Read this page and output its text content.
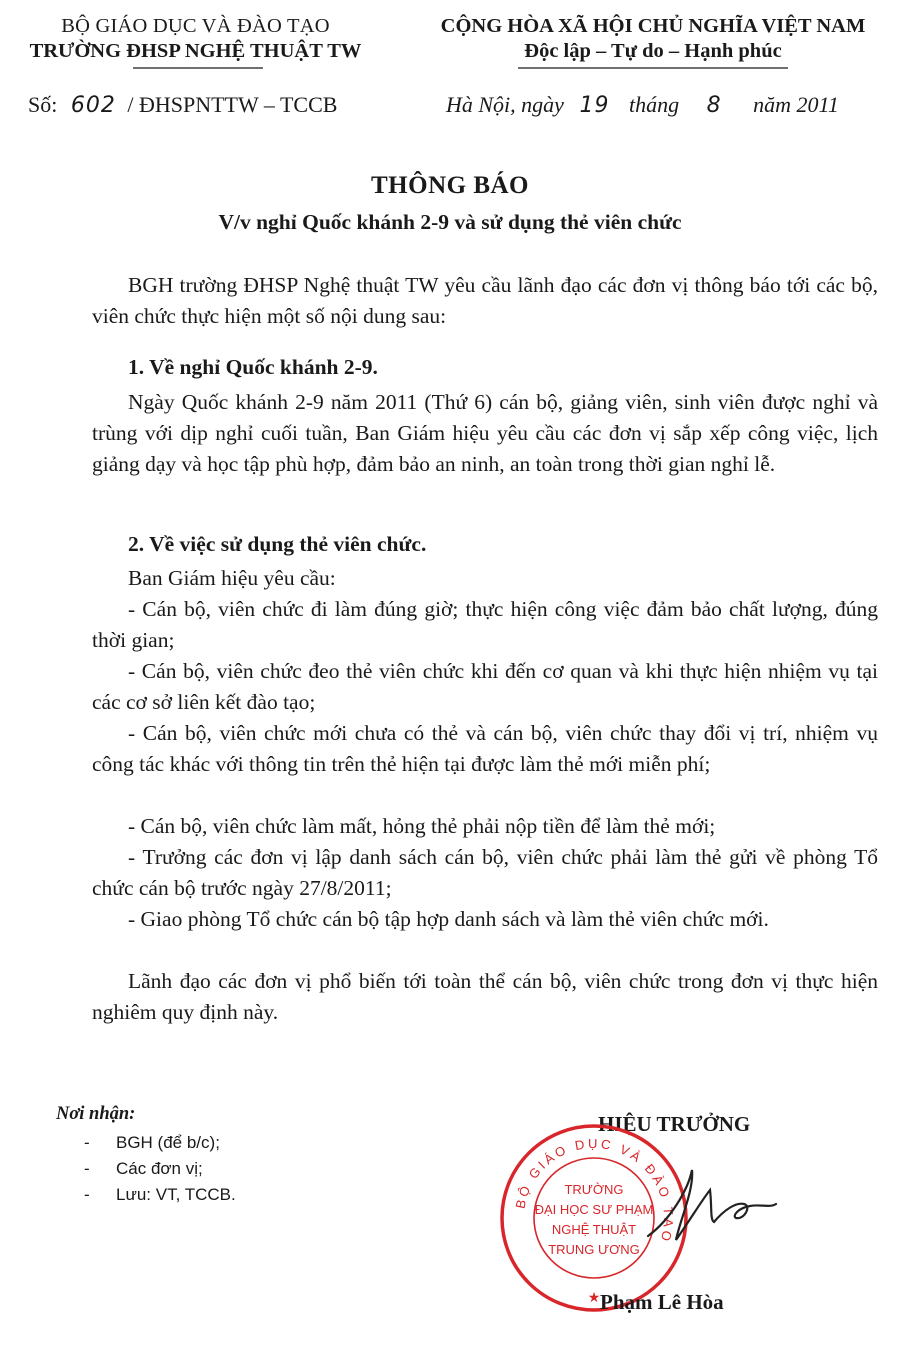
BỘ GIÁO DỤC VÀ ĐÀO TẠO
TRƯỜNG ĐHSP NGHỆ THUẬT TW
CỘNG HÒA XÃ HỘI CHỦ NGHĨA VIỆT NAM
Độc lập – Tự do – Hạnh phúc
Số: 602 / ĐHSPNTTW – TCCB	Hà Nội, ngày 19 tháng 8 năm 2011
THÔNG BÁO
V/v nghỉ Quốc khánh 2-9 và sử dụng thẻ viên chức
BGH trường ĐHSP Nghệ thuật TW yêu cầu lãnh đạo các đơn vị thông báo tới các bộ, viên chức thực hiện một số nội dung sau:
1. Về nghỉ Quốc khánh 2-9.
Ngày Quốc khánh 2-9 năm 2011 (Thứ 6) cán bộ, giảng viên, sinh viên được nghỉ và trùng với dịp nghỉ cuối tuần, Ban Giám hiệu yêu cầu các đơn vị sắp xếp công việc, lịch giảng dạy và học tập phù hợp, đảm bảo an ninh, an toàn trong thời gian nghỉ lễ.
2. Về việc sử dụng thẻ viên chức.
Ban Giám hiệu yêu cầu:
- Cán bộ, viên chức đi làm đúng giờ; thực hiện công việc đảm bảo chất lượng, đúng thời gian;
- Cán bộ, viên chức đeo thẻ viên chức khi đến cơ quan và khi thực hiện nhiệm vụ tại các cơ sở liên kết đào tạo;
- Cán bộ, viên chức mới chưa có thẻ và cán bộ, viên chức thay đổi vị trí, nhiệm vụ công tác khác với thông tin trên thẻ hiện tại được làm thẻ mới miễn phí;
- Cán bộ, viên chức làm mất, hỏng thẻ phải nộp tiền để làm thẻ mới;
- Trưởng các đơn vị lập danh sách cán bộ, viên chức phải làm thẻ gửi về phòng Tổ chức cán bộ trước ngày 27/8/2011;
- Giao phòng Tổ chức cán bộ tập hợp danh sách và làm thẻ viên chức mới.
Lãnh đạo các đơn vị phổ biến tới toàn thể cán bộ, viên chức trong đơn vị thực hiện nghiêm quy định này.
Nơi nhận:
- BGH (để b/c);
- Các đơn vị;
- Lưu: VT, TCCB.
HIỆU TRƯỞNG
BỘ GIÁO DỤC VÀ ĐÀO TẠO
TRƯỜNG
ĐẠI HỌC SƯ PHẠM
NGHỆ THUẬT
TRUNG ƯƠNG
★ Phạm Lê Hòa
